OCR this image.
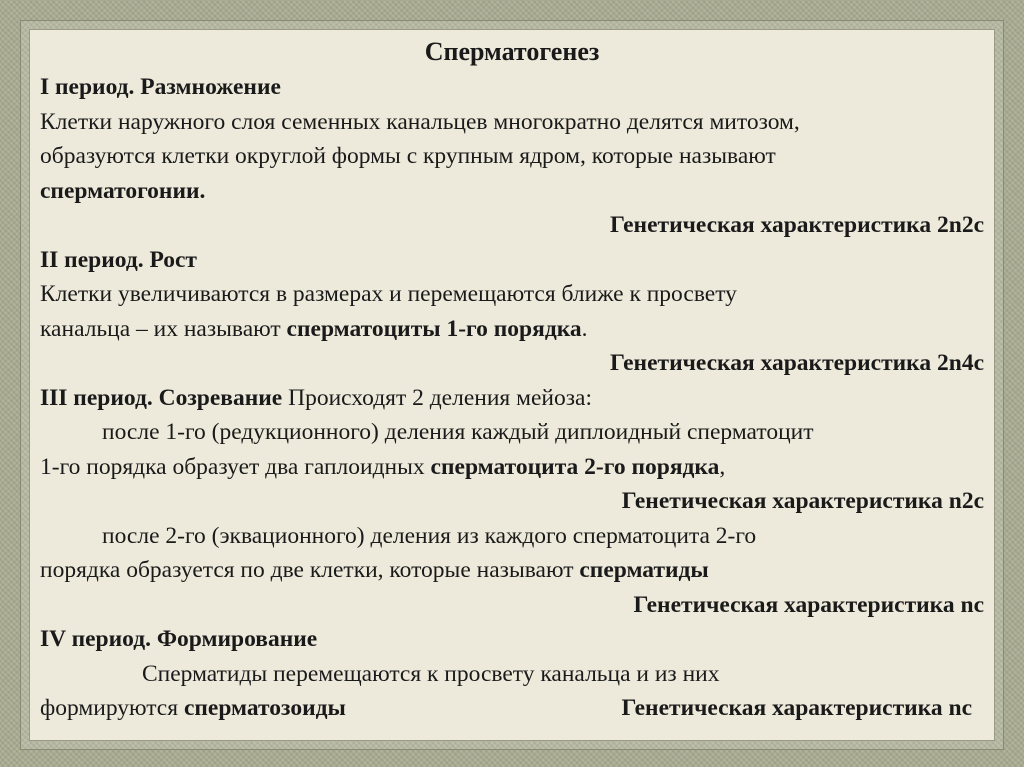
Сперматогенез
I период. Размножение
Клетки наружного слоя семенных канальцев многократно делятся митозом,
образуются клетки округлой формы с крупным ядром, которые называют
сперматогонии.
Генетическая характеристика 2n2c
II период. Рост
Клетки увеличиваются в размерах и перемещаются ближе к просвету
канальца – их называют сперматоциты 1-го порядка.
Генетическая характеристика 2n4c
III период. Созревание Происходят 2 деления мейоза:
после 1-го (редукционного) деления каждый диплоидный сперматоцит
1-го порядка образует два гаплоидных сперматоцита 2-го порядка,
Генетическая характеристика n2c
после 2-го (эквационного) деления из каждого сперматоцита 2-го
порядка образуется по две клетки, которые называют сперматиды
Генетическая характеристика nc
IV период. Формирование
Сперматиды перемещаются к просвету канальца и из них
формируются сперматозоиды	Генетическая характеристика nc
